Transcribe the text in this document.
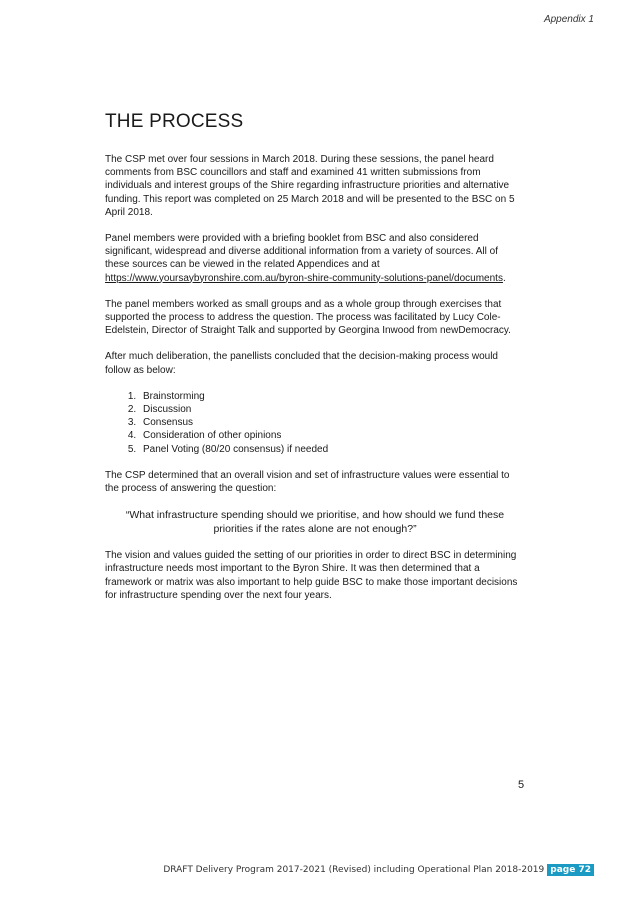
Appendix 1
THE PROCESS

The CSP met over four sessions in March 2018. During these sessions, the panel heard comments from BSC councillors and staff and examined 41 written submissions from individuals and interest groups of the Shire regarding infrastructure priorities and alternative funding. This report was completed on 25 March 2018 and will be presented to the BSC on 5 April 2018.

Panel members were provided with a briefing booklet from BSC and also considered significant, widespread and diverse additional information from a variety of sources. All of these sources can be viewed in the related Appendices and at https://www.yoursaybyronshire.com.au/byron-shire-community-solutions-panel/documents.

The panel members worked as small groups and as a whole group through exercises that supported the process to address the question. The process was facilitated by Lucy Cole-Edelstein, Director of Straight Talk and supported by Georgina Inwood from newDemocracy.

After much deliberation, the panellists concluded that the decision-making process would follow as below:

1. Brainstorming
2. Discussion
3. Consensus
4. Consideration of other opinions
5. Panel Voting (80/20 consensus) if needed

The CSP determined that an overall vision and set of infrastructure values were essential to the process of answering the question:

“What infrastructure spending should we prioritise, and how should we fund these priorities if the rates alone are not enough?”

The vision and values guided the setting of our priorities in order to direct BSC in determining infrastructure needs most important to the Byron Shire. It was then determined that a framework or matrix was also important to help guide BSC to make those important decisions for infrastructure spending over the next four years.

5
DRAFT Delivery Program 2017-2021 (Revised) including Operational Plan 2018-2019 page 72
